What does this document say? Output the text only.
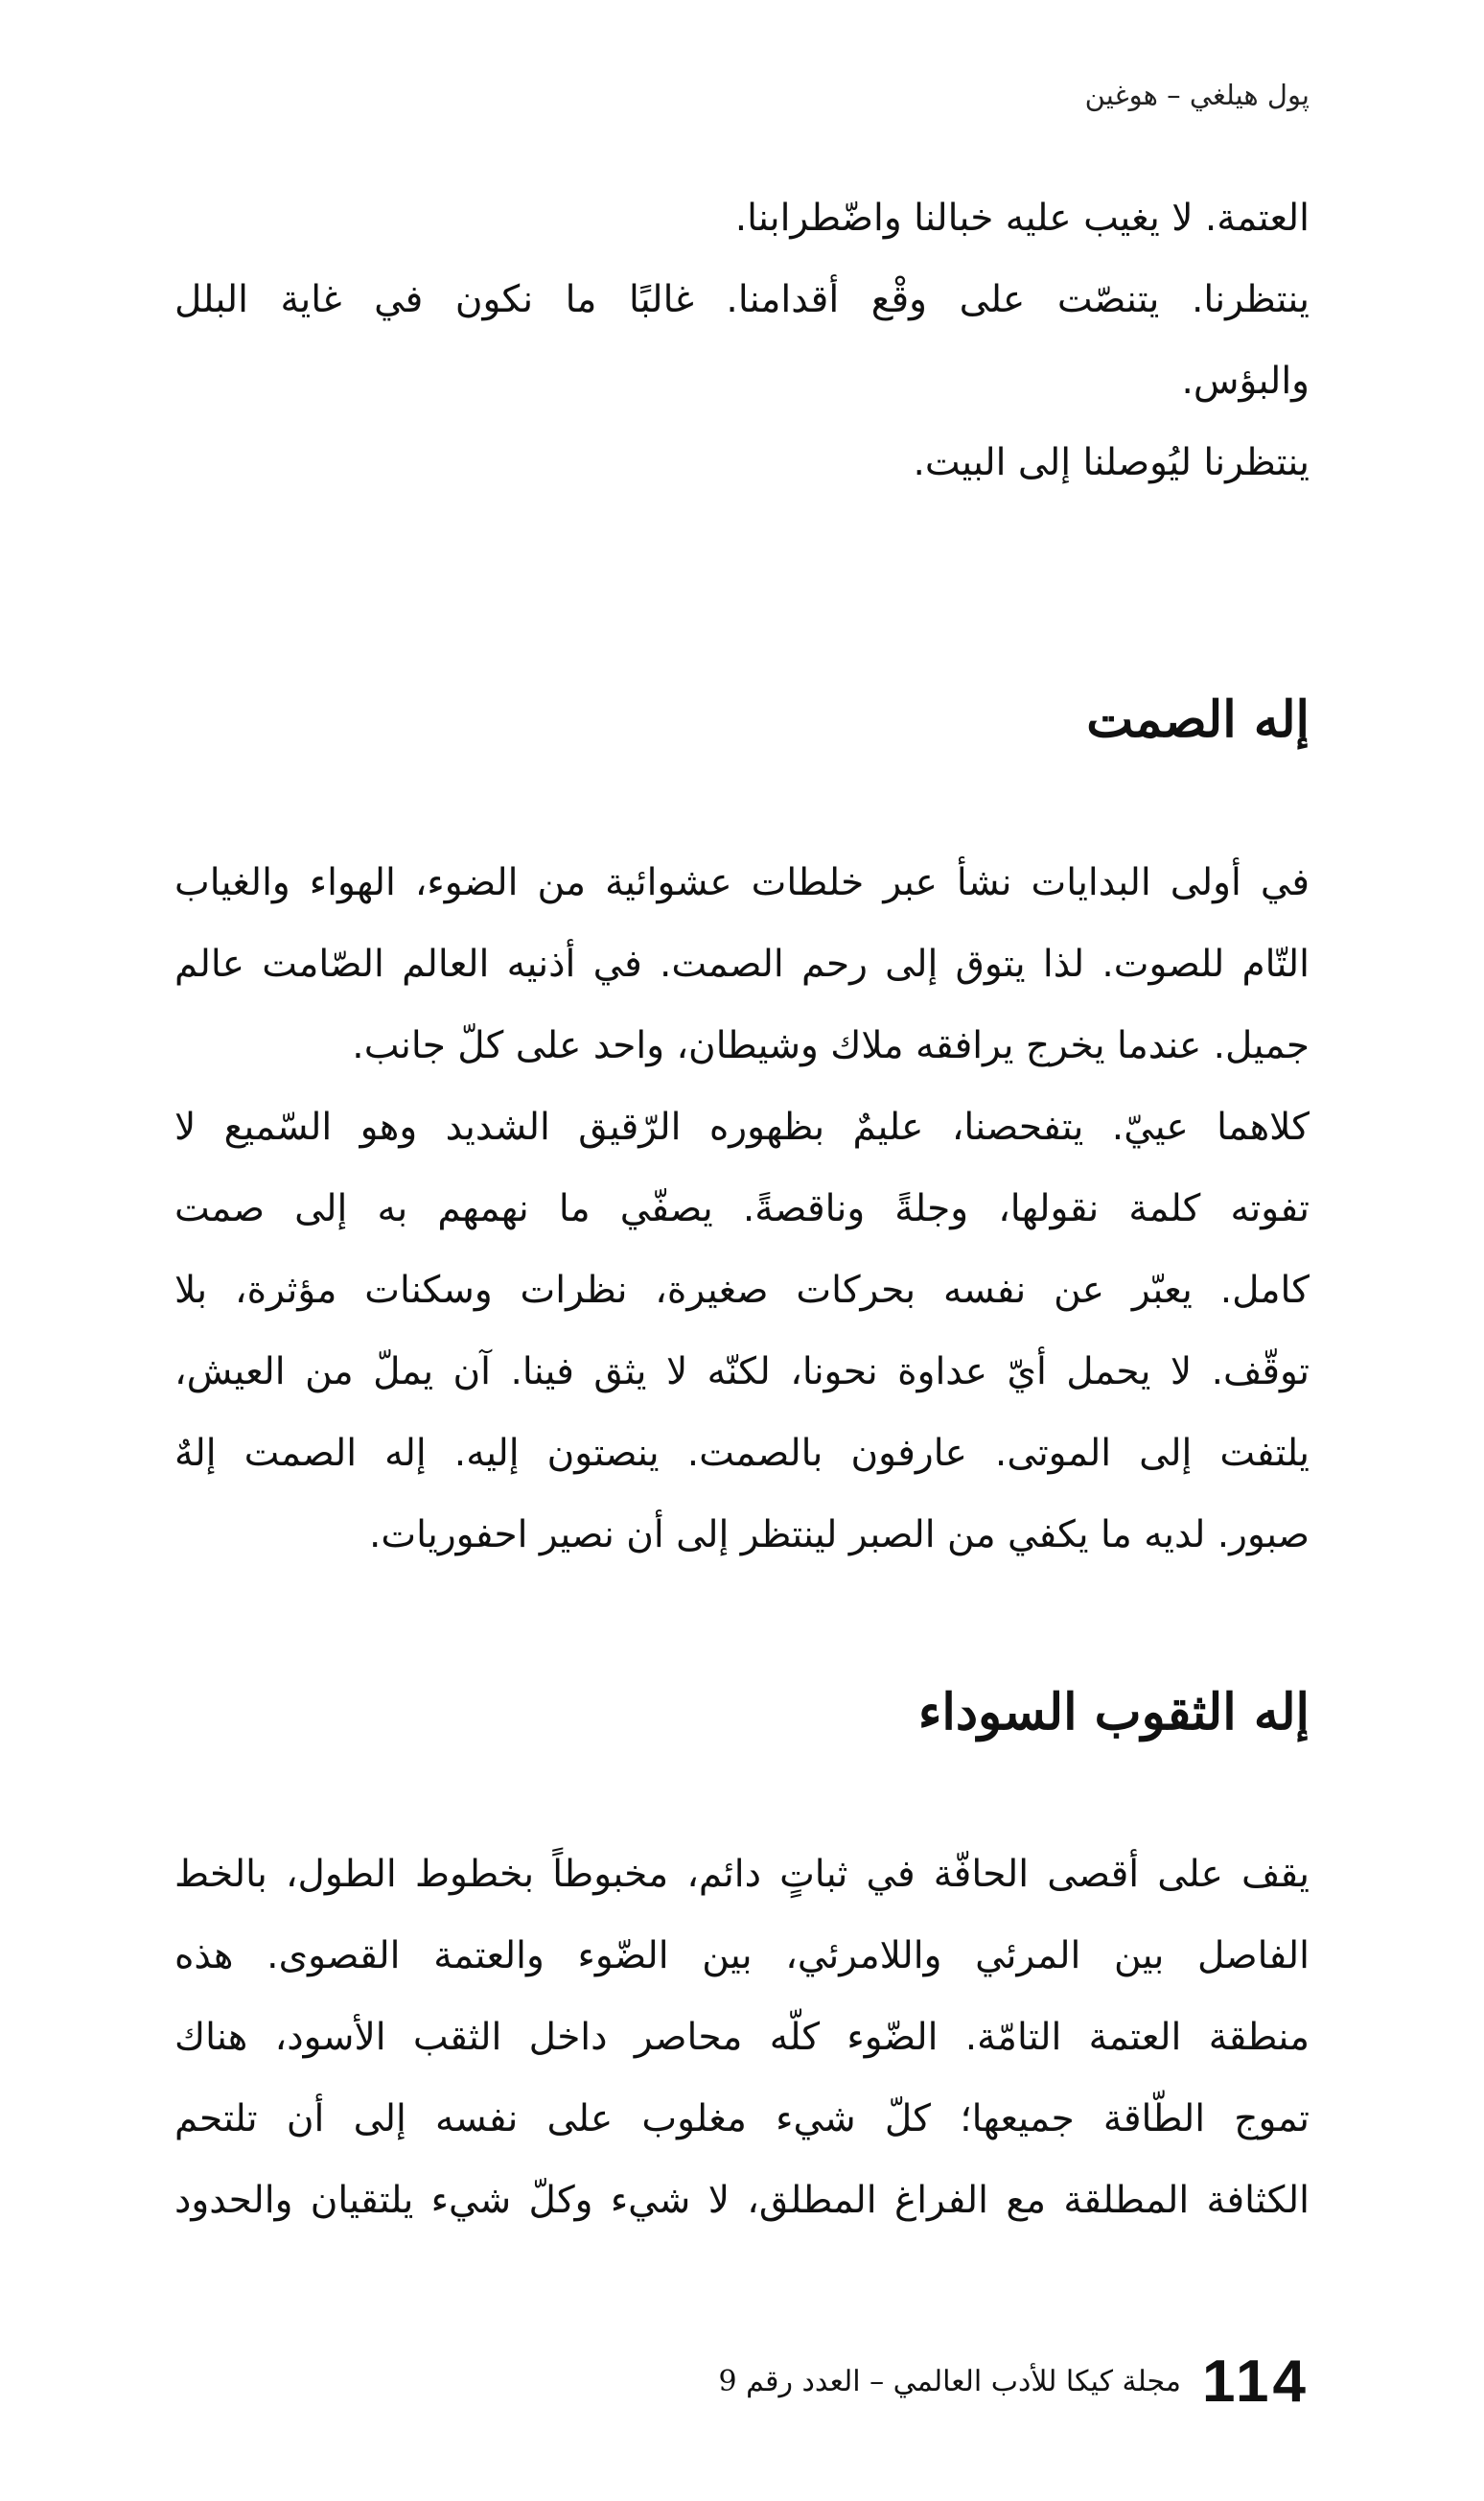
پول هيلغي – هوغين
العتمة. لا يغيب عليه خبالنا واضّطرابنا.
ينتظرنا. يتنصّت على وقْع أقدامنا. غالبًا ما نكون في غاية البلل
والبؤس.
ينتظرنا ليُوصلنا إلى البيت.
إله الصمت
في أولى البدايات نشأ عبر خلطات عشوائية من الضوء، الهواء والغياب
التّام للصوت. لذا يتوق إلى رحم الصمت. في أذنيه العالم الصّامت عالم
جميل. عندما يخرج يرافقه ملاك وشيطان، واحد على كلّ جانب.
كلاهما عييّ. يتفحصنا، عليمٌ بظهوره الرّقيق الشديد وهو السّميع لا
تفوته كلمة نقولها، وجلةً وناقصةً. يصفّي ما نهمهم به إلى صمت
كامل. يعبّر عن نفسه بحركات صغيرة، نظرات وسكنات مؤثرة، بلا
توقّف. لا يحمل أيّ عداوة نحونا، لكنّه لا يثق فينا. آن يملّ من العيش،
يلتفت إلى الموتى. عارفون بالصمت. ينصتون إليه. إله الصمت إلهٌ
صبور. لديه ما يكفي من الصبر لينتظر إلى أن نصير احفوريات.
إله الثقوب السوداء
يقف على أقصى الحافّة في ثباتٍ دائم، مخبوطاً بخطوط الطول، بالخط
الفاصل بين المرئي واللامرئي، بين الضّوء والعتمة القصوى. هذه
منطقة العتمة التامّة. الضّوء كلّه محاصر داخل الثقب الأسود، هناك
تموج الطّاقة جميعها؛ كلّ شيء مغلوب على نفسه إلى أن تلتحم
الكثافة المطلقة مع الفراغ المطلق، لا شيء وكلّ شيء يلتقيان والحدود
114
مجلة كيكا للأدب العالمي – العدد رقم 9
